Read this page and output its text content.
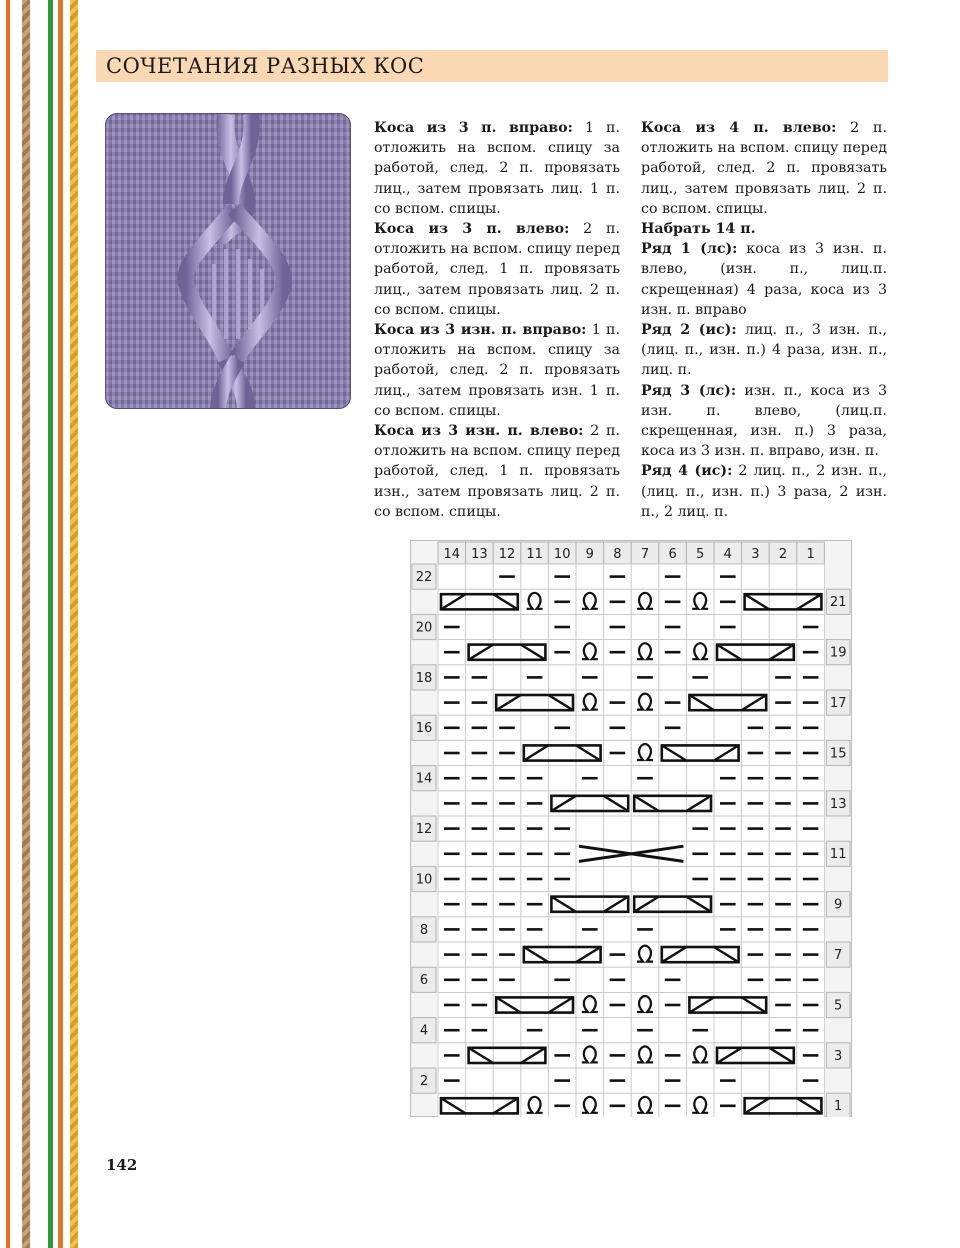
СОЧЕТАНИЯ РАЗНЫХ КОС

Коса из 3 п. вправо: 1 п. отложить на вспом. спицу за работой, след. 2 п. провязать лиц., затем провязать лиц. 1 п. со вспом. спицы.

Коса из 3 п. влево: 2 п. отложить на вспом. спицу перед работой, след. 1 п. провязать лиц., затем провязать лиц. 2 п. со вспом. спицы.

Коса из 3 изн. п. вправо: 1 п. отложить на вспом. спицу за работой, след. 2 п. провязать лиц., затем провязать изн. 1 п. со вспом. спицы.

Коса из 3 изн. п. влево: 2 п. отложить на вспом. спицу перед работой, след. 1 п. провязать изн., затем провязать лиц. 2 п. со вспом. спицы.

Коса из 4 п. влево: 2 п. отложить на вспом. спицу перед работой, след. 2 п. провязать лиц., затем провязать лиц. 2 п. со вспом. спицы.

Набрать 14 п.

Ряд 1 (лс): коса из 3 изн. п. влево, (изн. п., лиц.п. скрещенная) 4 раза, коса из 3 изн. п. вправо

Ряд 2 (ис): лиц. п., 3 изн. п., (лиц. п., изн. п.) 4 раза, изн. п., лиц. п.

Ряд 3 (лс): изн. п., коса из 3 изн. п. влево, (лиц.п. скрещенная, изн. п.) 3 раза, коса из 3 изн. п. вправо, изн. п.

Ряд 4 (ис): 2 лиц. п., 2 изн. п., (лиц. п., изн. п.) 3 раза, 2 изн. п., 2 лиц. п.

14 13 12 11 10 9 8 7 6 5 4 3 2 1
22
20
18
16
14
12
10
8
6
4
2
21
19
17
15
13
11
9
7
5
3
1
142
